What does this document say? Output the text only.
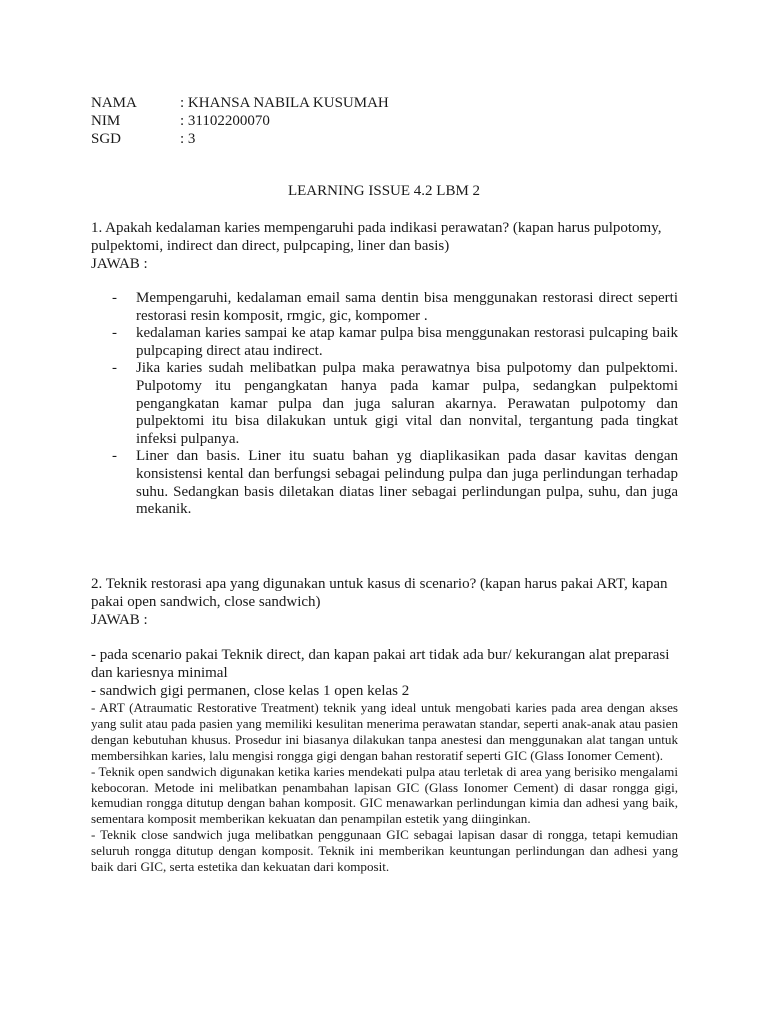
NAMA	: KHANSA NABILA KUSUMAH
NIM	: 31102200070
SGD	: 3
LEARNING ISSUE 4.2 LBM 2
1. Apakah kedalaman karies mempengaruhi pada indikasi perawatan? (kapan harus pulpotomy, pulpektomi, indirect dan direct, pulpcaping, liner dan basis)
JAWAB :
- Mempengaruhi, kedalaman email sama dentin bisa menggunakan restorasi direct seperti restorasi resin komposit, rmgic, gic, kompomer .
- kedalaman karies sampai ke atap kamar pulpa bisa menggunakan restorasi pulcaping baik pulpcaping direct atau indirect.
- Jika karies sudah melibatkan pulpa maka perawatnya bisa pulpotomy dan pulpektomi. Pulpotomy itu pengangkatan hanya pada kamar pulpa, sedangkan pulpektomi pengangkatan kamar pulpa dan juga saluran akarnya. Perawatan pulpotomy dan pulpektomi itu bisa dilakukan untuk gigi vital dan nonvital, tergantung pada tingkat infeksi pulpanya.
- Liner dan basis. Liner itu suatu bahan yg diaplikasikan pada dasar kavitas dengan konsistensi kental dan berfungsi sebagai pelindung pulpa dan juga perlindungan terhadap suhu. Sedangkan basis diletakan diatas liner sebagai perlindungan pulpa, suhu, dan juga mekanik.
2. Teknik restorasi apa yang digunakan untuk kasus di scenario? (kapan harus pakai ART, kapan pakai open sandwich, close sandwich)
JAWAB :
- pada scenario pakai Teknik direct, dan kapan pakai art tidak ada bur/ kekurangan alat preparasi dan kariesnya minimal
- sandwich gigi permanen, close kelas 1 open kelas 2
- ART (Atraumatic Restorative Treatment) teknik yang ideal untuk mengobati karies pada area dengan akses yang sulit atau pada pasien yang memiliki kesulitan menerima perawatan standar, seperti anak-anak atau pasien dengan kebutuhan khusus. Prosedur ini biasanya dilakukan tanpa anestesi dan menggunakan alat tangan untuk membersihkan karies, lalu mengisi rongga gigi dengan bahan restoratif seperti GIC (Glass Ionomer Cement).
- Teknik open sandwich digunakan ketika karies mendekati pulpa atau terletak di area yang berisiko mengalami kebocoran. Metode ini melibatkan penambahan lapisan GIC (Glass Ionomer Cement) di dasar rongga gigi, kemudian rongga ditutup dengan bahan komposit. GIC menawarkan perlindungan kimia dan adhesi yang baik, sementara komposit memberikan kekuatan dan penampilan estetik yang diinginkan.
- Teknik close sandwich juga melibatkan penggunaan GIC sebagai lapisan dasar di rongga, tetapi kemudian seluruh rongga ditutup dengan komposit. Teknik ini memberikan keuntungan perlindungan dan adhesi yang baik dari GIC, serta estetika dan kekuatan dari komposit.
